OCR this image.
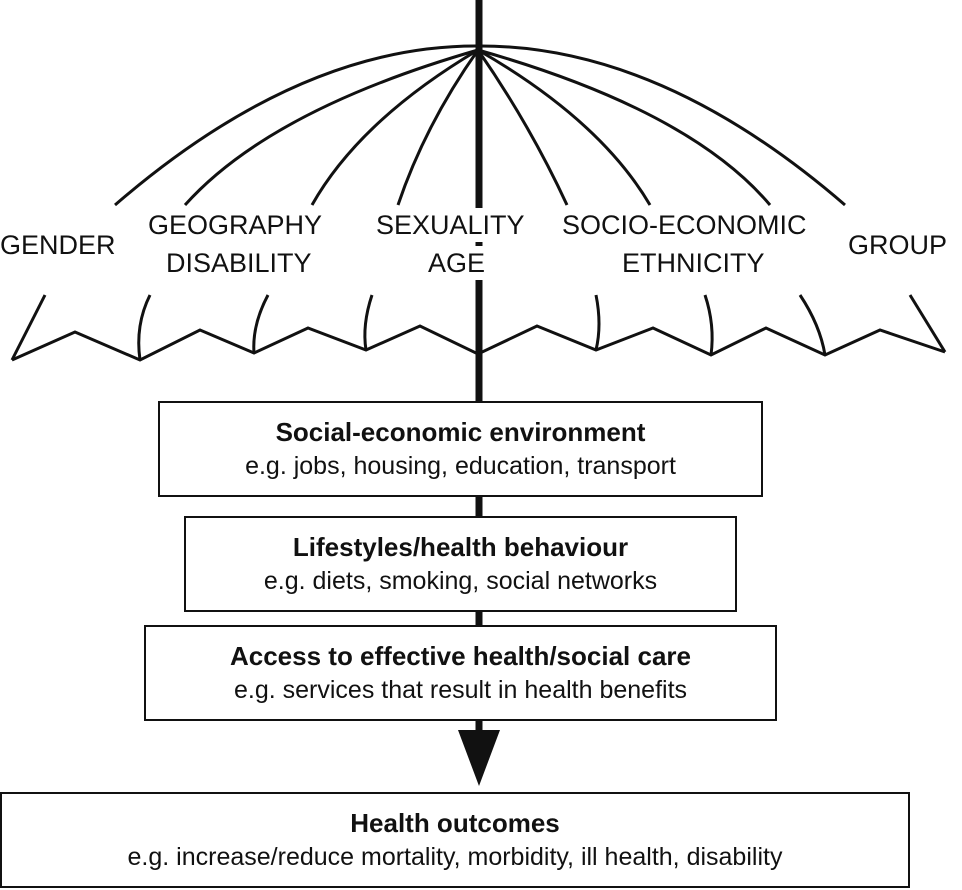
GENDER
GEOGRAPHY
DISABILITY
SEXUALITY
AGE
SOCIO-ECONOMIC
ETHNICITY
GROUP
Social-economic environment
e.g. jobs, housing, education, transport
Lifestyles/health behaviour
e.g. diets, smoking, social networks
Access to effective health/social care
e.g. services that result in health benefits
Health outcomes
e.g. increase/reduce mortality, morbidity, ill health, disability
